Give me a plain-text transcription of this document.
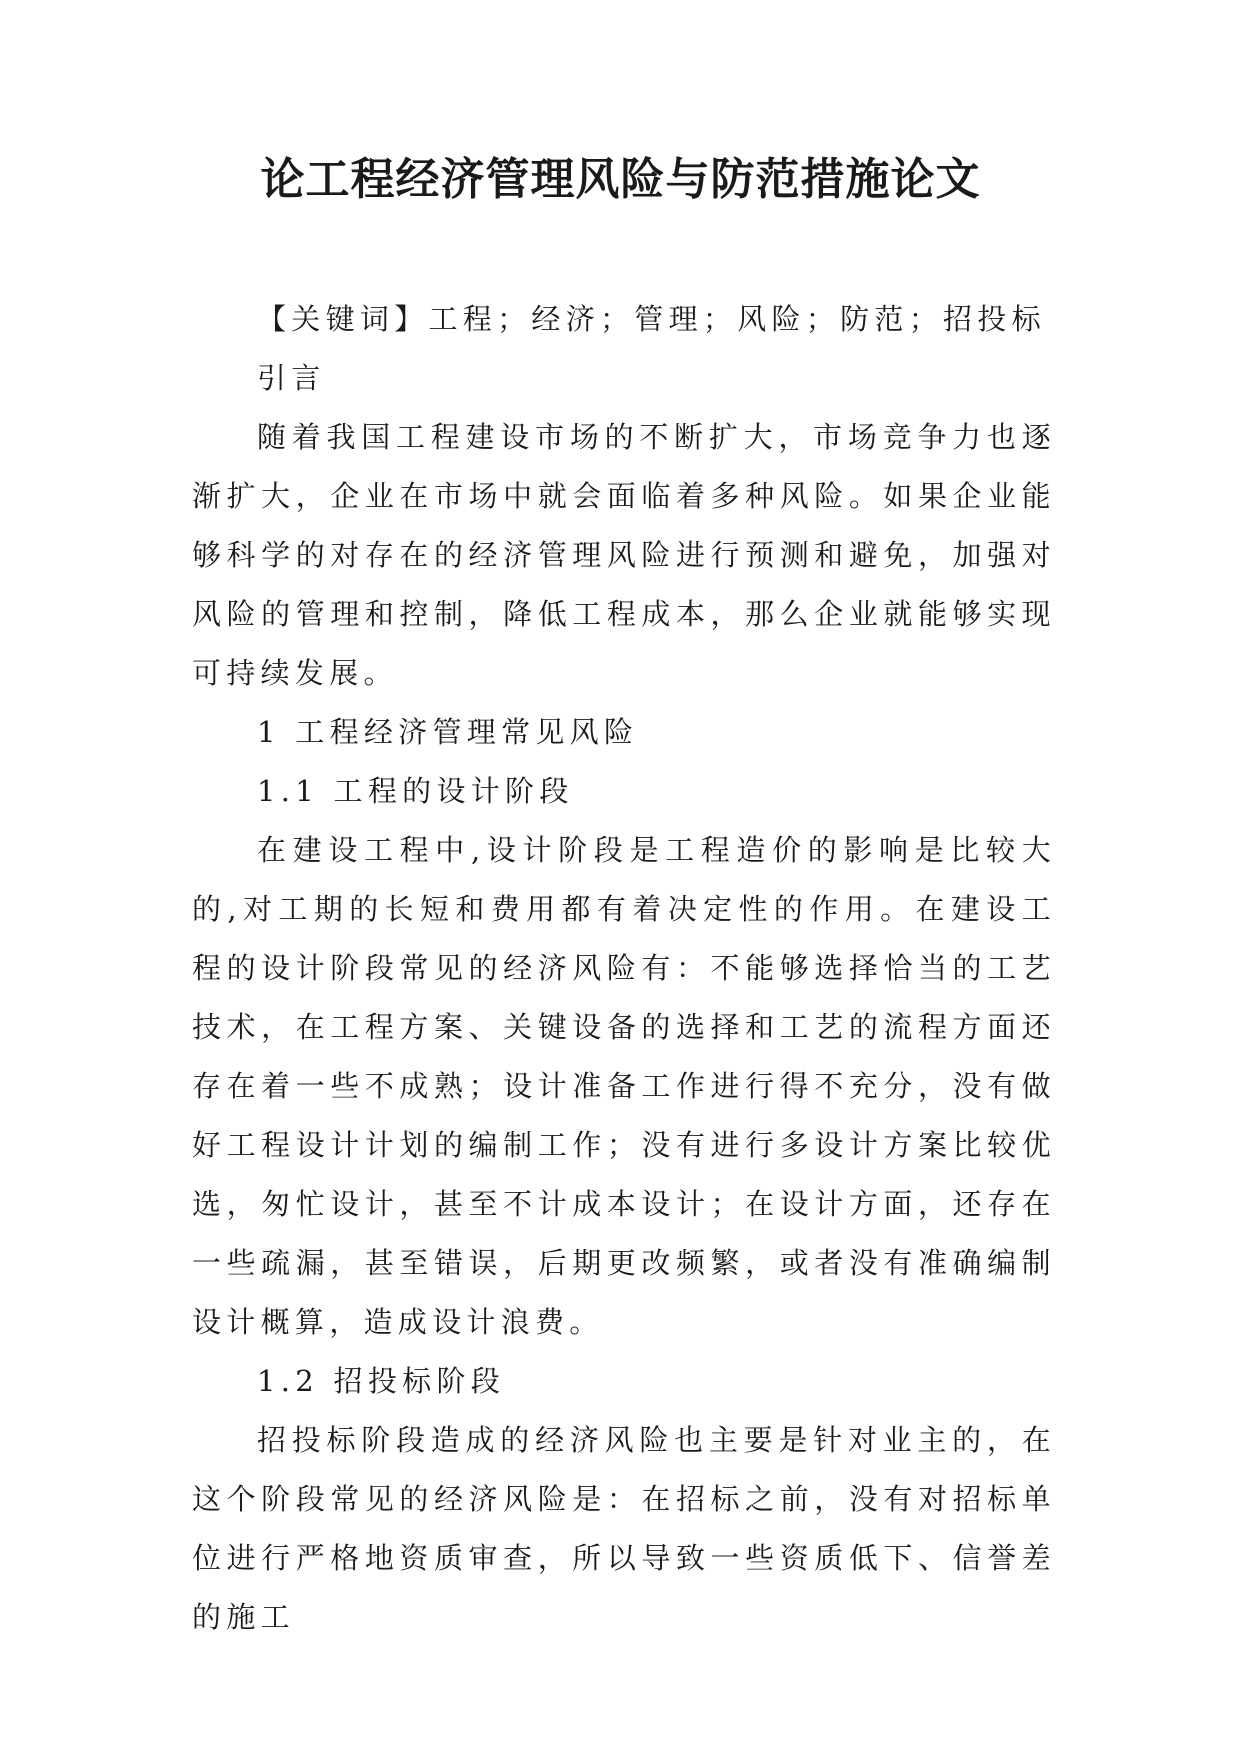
论工程经济管理风险与防范措施论文

【关键词】工程；经济；管理；风险；防范；招投标

引言

随着我国工程建设市场的不断扩大，市场竞争力也逐渐扩大，企业在市场中就会面临着多种风险。如果企业能够科学的对存在的经济管理风险进行预测和避免，加强对风险的管理和控制，降低工程成本，那么企业就能够实现可持续发展。

1 工程经济管理常见风险

1.1 工程的设计阶段

在建设工程中,设计阶段是工程造价的影响是比较大的,对工期的长短和费用都有着决定性的作用。在建设工程的设计阶段常见的经济风险有：不能够选择恰当的工艺技术，在工程方案、关键设备的选择和工艺的流程方面还存在着一些不成熟；设计准备工作进行得不充分，没有做好工程设计计划的编制工作；没有进行多设计方案比较优选，匆忙设计，甚至不计成本设计；在设计方面，还存在一些疏漏，甚至错误，后期更改频繁，或者没有准确编制设计概算，造成设计浪费。

1.2 招投标阶段

招投标阶段造成的经济风险也主要是针对业主的，在这个阶段常见的经济风险是：在招标之前，没有对招标单位进行严格地资质审查，所以导致一些资质低下、信誉差的施工
